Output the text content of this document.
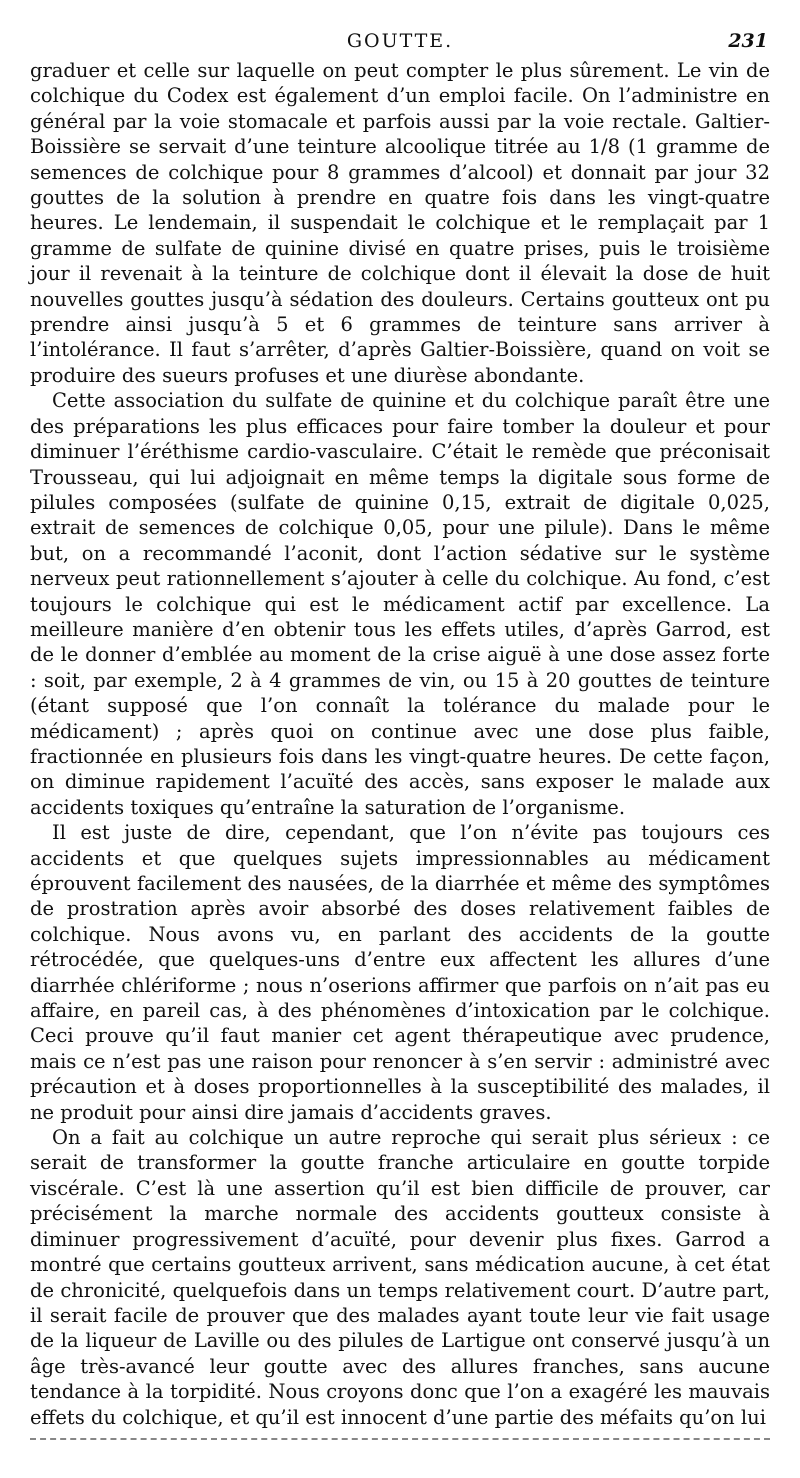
GOUTTE.	231

graduer et celle sur laquelle on peut compter le plus sûrement. Le vin de colchique du Codex est également d’un emploi facile. On l’administre en général par la voie stomacale et parfois aussi par la voie rectale. Galtier-Boissière se servait d’une teinture alcoolique titrée au 1/8 (1 gramme de semences de colchique pour 8 grammes d’alcool) et donnait par jour 32 gouttes de la solution à prendre en quatre fois dans les vingt-quatre heures. Le lendemain, il suspendait le colchique et le remplaçait par 1 gramme de sulfate de quinine divisé en quatre prises, puis le troisième jour il revenait à la teinture de colchique dont il élevait la dose de huit nouvelles gouttes jusqu’à sédation des douleurs. Certains goutteux ont pu prendre ainsi jusqu’à 5 et 6 grammes de teinture sans arriver à l’intolérance. Il faut s’arrêter, d’après Galtier-Boissière, quand on voit se produire des sueurs profuses et une diurèse abondante.

Cette association du sulfate de quinine et du colchique paraît être une des préparations les plus efficaces pour faire tomber la douleur et pour diminuer l’éréthisme cardio-vasculaire. C’était le remède que préconisait Trousseau, qui lui adjoignait en même temps la digitale sous forme de pilules composées (sulfate de quinine 0,15, extrait de digitale 0,025, extrait de semences de colchique 0,05, pour une pilule). Dans le même but, on a recommandé l’aconit, dont l’action sédative sur le système nerveux peut rationnellement s’ajouter à celle du colchique. Au fond, c’est toujours le colchique qui est le médicament actif par excellence. La meilleure manière d’en obtenir tous les effets utiles, d’après Garrod, est de le donner d’emblée au moment de la crise aiguë à une dose assez forte : soit, par exemple, 2 à 4 grammes de vin, ou 15 à 20 gouttes de teinture (étant supposé que l’on connaît la tolérance du malade pour le médicament) ; après quoi on continue avec une dose plus faible, fractionnée en plusieurs fois dans les vingt-quatre heures. De cette façon, on diminue rapidement l’acuïté des accès, sans exposer le malade aux accidents toxiques qu’entraîne la saturation de l’organisme.

Il est juste de dire, cependant, que l’on n’évite pas toujours ces accidents et que quelques sujets impressionnables au médicament éprouvent facilement des nausées, de la diarrhée et même des symptômes de prostration après avoir absorbé des doses relativement faibles de colchique. Nous avons vu, en parlant des accidents de la goutte rétrocédée, que quelques-uns d’entre eux affectent les allures d’une diarrhée chlériforme ; nous n’oserions affirmer que parfois on n’ait pas eu affaire, en pareil cas, à des phénomènes d’intoxication par le colchique. Ceci prouve qu’il faut manier cet agent thérapeutique avec prudence, mais ce n’est pas une raison pour renoncer à s’en servir : administré avec précaution et à doses proportionnelles à la susceptibilité des malades, il ne produit pour ainsi dire jamais d’accidents graves.

On a fait au colchique un autre reproche qui serait plus sérieux : ce serait de transformer la goutte franche articulaire en goutte torpide viscérale. C’est là une assertion qu’il est bien difficile de prouver, car précisément la marche normale des accidents goutteux consiste à diminuer progressivement d’acuïté, pour devenir plus fixes. Garrod a montré que certains goutteux arrivent, sans médication aucune, à cet état de chronicité, quelquefois dans un temps relativement court. D’autre part, il serait facile de prouver que des malades ayant toute leur vie fait usage de la liqueur de Laville ou des pilules de Lartigue ont conservé jusqu’à un âge très-avancé leur goutte avec des allures franches, sans aucune tendance à la torpidité. Nous croyons donc que l’on a exagéré les mauvais effets du colchique, et qu’il est innocent d’une partie des méfaits qu’on lui
